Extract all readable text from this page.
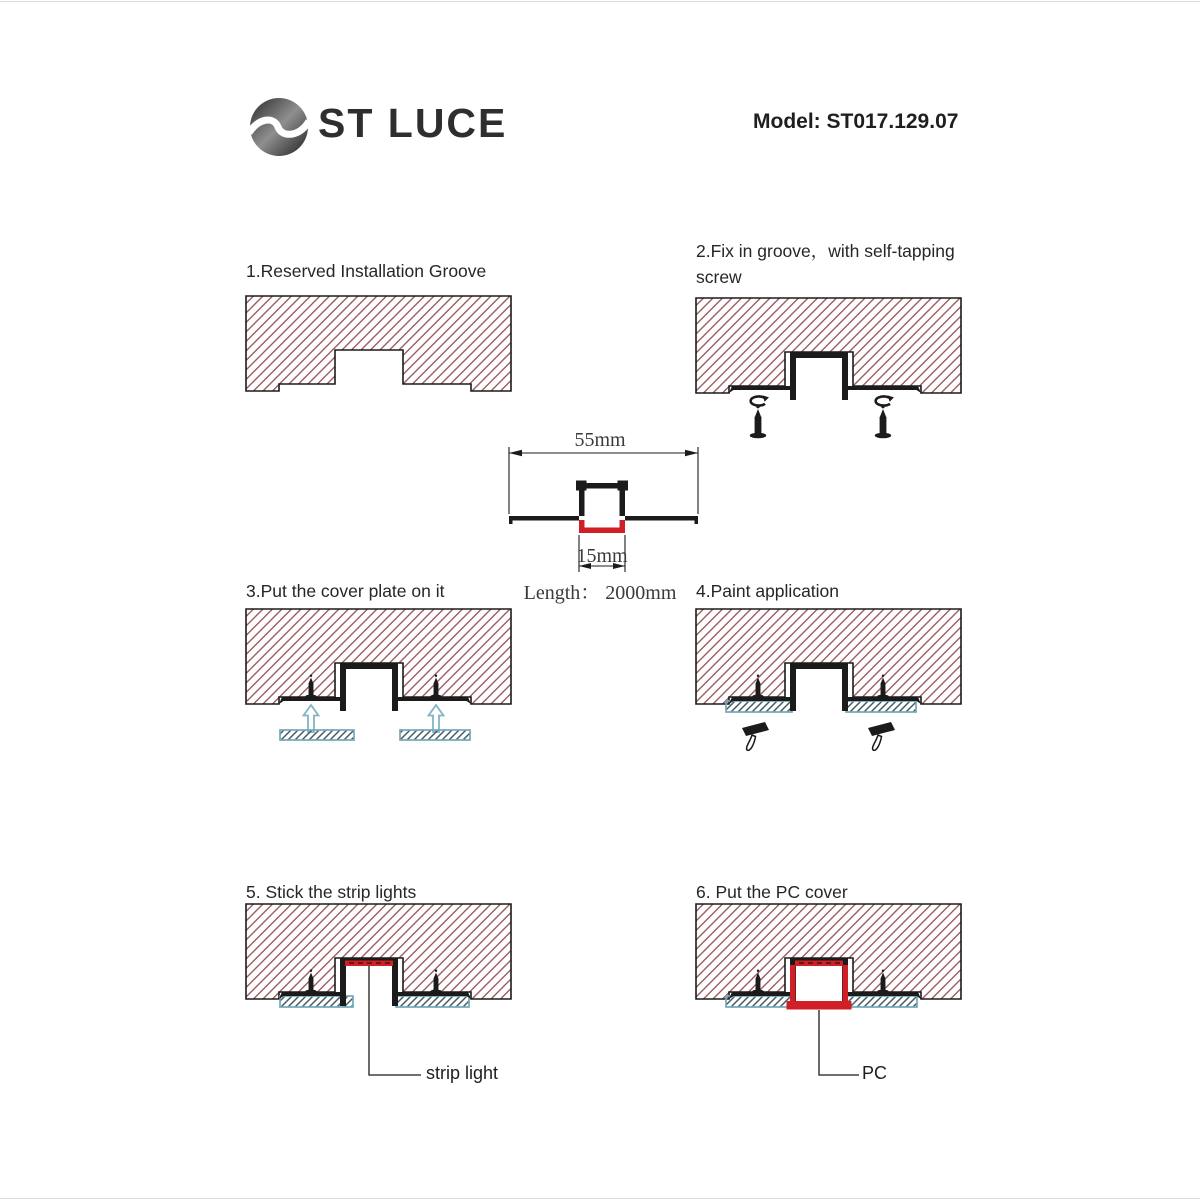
ST LUCE	Model: ST017.129.07
1.Reserved Installation Groove
2.Fix in groove，with self-tapping screw
3.Put the cover plate on it	4.Paint application
5. Stick the strip lights	6. Put the PC cover
strip light	PC
55mm
15mm
Length： 2000mm
